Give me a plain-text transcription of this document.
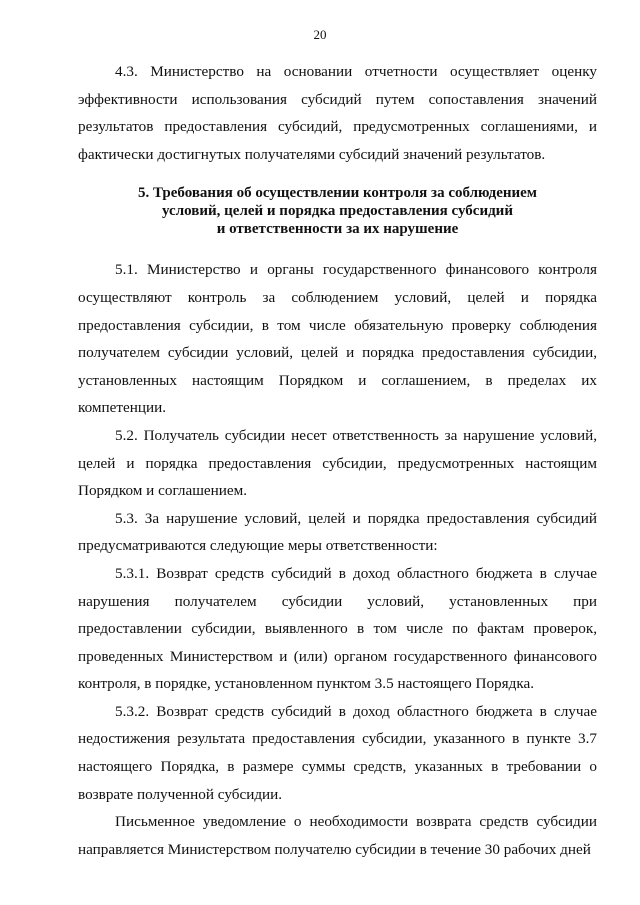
20

4.3. Министерство на основании отчетности осуществляет оценку эффективности использования субсидий путем сопоставления значений результатов предоставления субсидий, предусмотренных соглашениями, и фактически достигнутых получателями субсидий значений результатов.

5. Требования об осуществлении контроля за соблюдением
условий, целей и порядка предоставления субсидий
и ответственности за их нарушение

5.1. Министерство и органы государственного финансового контроля осуществляют контроль за соблюдением условий, целей и порядка предоставления субсидии, в том числе обязательную проверку соблюдения получателем субсидии условий, целей и порядка предоставления субсидии, установленных настоящим Порядком и соглашением, в пределах их компетенции.

5.2. Получатель субсидии несет ответственность за нарушение условий, целей и порядка предоставления субсидии, предусмотренных настоящим Порядком и соглашением.

5.3. За нарушение условий, целей и порядка предоставления субсидий предусматриваются следующие меры ответственности:

5.3.1. Возврат средств субсидий в доход областного бюджета в случае нарушения получателем субсидии условий, установленных при предоставлении субсидии, выявленного в том числе по фактам проверок, проведенных Министерством и (или) органом государственного финансового контроля, в порядке, установленном пунктом 3.5 настоящего Порядка.

5.3.2. Возврат средств субсидий в доход областного бюджета в случае недостижения результата предоставления субсидии, указанного в пункте 3.7 настоящего Порядка, в размере суммы средств, указанных в требовании о возврате полученной субсидии.

Письменное уведомление о необходимости возврата средств субсидии направляется Министерством получателю субсидии в течение 30 рабочих дней
